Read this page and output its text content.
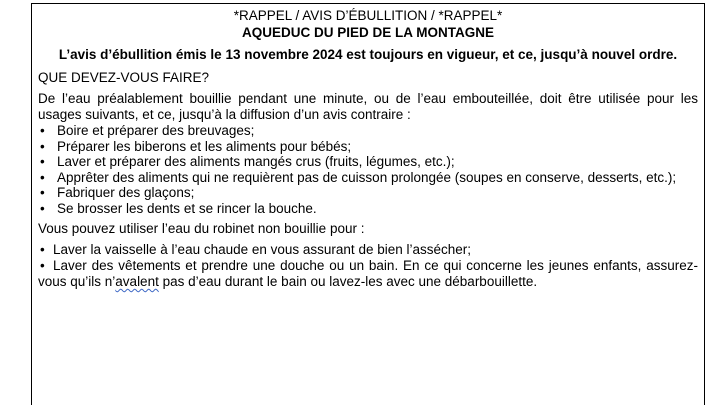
*RAPPEL / AVIS D’ÉBULLITION / *RAPPEL*
AQUEDUC DU PIED DE LA MONTAGNE
L’avis d’ébullition émis le 13 novembre 2024 est toujours en vigueur, et ce, jusqu’à nouvel ordre.
QUE DEVEZ-VOUS FAIRE?
De l’eau préalablement bouillie pendant une minute, ou de l’eau embouteillée, doit être utilisée pour les usages suivants, et ce, jusqu’à la diffusion d’un avis contraire :
• Boire et préparer des breuvages;
• Préparer les biberons et les aliments pour bébés;
• Laver et préparer des aliments mangés crus (fruits, légumes, etc.);
• Apprêter des aliments qui ne requièrent pas de cuisson prolongée (soupes en conserve, desserts, etc.);
• Fabriquer des glaçons;
• Se brosser les dents et se rincer la bouche.
Vous pouvez utiliser l’eau du robinet non bouillie pour :
• Laver la vaisselle à l’eau chaude en vous assurant de bien l’assécher;
• Laver des vêtements et prendre une douche ou un bain. En ce qui concerne les jeunes enfants, assurez-vous qu’ils n’avalent pas d’eau durant le bain ou lavez-les avec une débarbouillette.
